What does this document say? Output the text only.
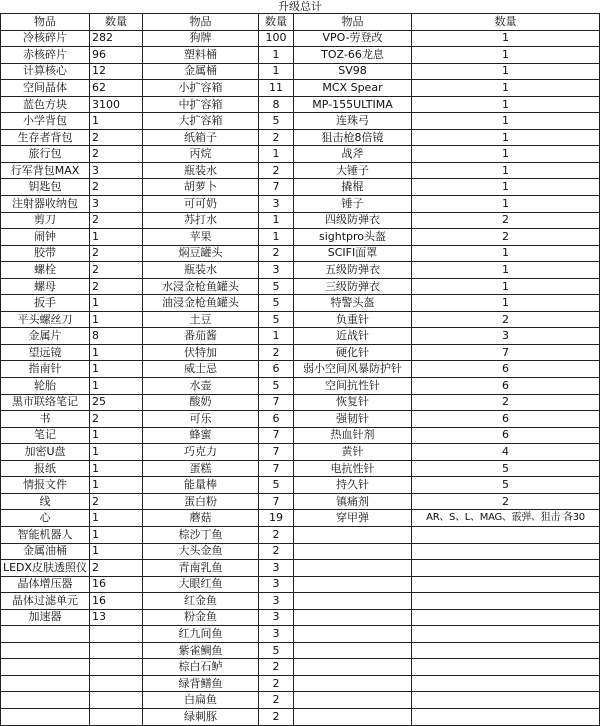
升级总计
物品	数量	物品	数量	物品	数量
冷核碎片	282	狗牌	100	VPO-劳登改	1
赤核碎片	96	塑料桶	1	TOZ-66龙息	1
计算核心	12	金属桶	1	SV98	1
空间晶体	62	小扩容箱	11	MCX Spear	1
蓝色方块	3100	中扩容箱	8	MP-155ULTIMA	1
小学背包	1	大扩容箱	5	连珠弓	1
生存者背包	2	纸箱子	2	狙击枪8倍镜	1
旅行包	2	丙烷	1	战斧	1
行军背包MAX	3	瓶装水	2	大锤子	1
钥匙包	2	胡萝卜	7	撬棍	1
注射器收纳包	3	可可奶	3	锤子	1
剪刀	2	苏打水	1	四级防弹衣	2
闹钟	1	苹果	1	sightpro头盔	2
胶带	2	焖豆罐头	2	SCIFI面罩	1
螺栓	2	瓶装水	3	五级防弹衣	1
螺母	2	水浸金枪鱼罐头	5	三级防弹衣	1
扳手	1	油浸金枪鱼罐头	5	特警头盔	1
平头螺丝刀	1	土豆	5	负重针	2
金属片	8	番茄酱	1	近战针	3
望远镜	1	伏特加	2	硬化针	7
指南针	1	威士忌	6	弱小空间风暴防护针	6
轮胎	1	水壶	5	空间抗性针	6
黑市联络笔记	25	酸奶	7	恢复针	2
书	2	可乐	6	强韧针	6
笔记	1	蜂蜜	7	热血针剂	6
加密U盘	1	巧克力	7	黄针	4
报纸	1	蛋糕	7	电抗性针	5
情报文件	1	能量棒	5	持久针	5
线	2	蛋白粉	7	镇痛剂	2
心	1	蘑菇	19	穿甲弹	AR、S、L、MAG、霰弹、狙击 各30
智能机器人	1	棕沙丁鱼	2		
金属油桶	1	大头金鱼	2		
LEDX皮肤透照仪	2	青南乳鱼	3		
晶体增压器	16	大眼红鱼	3		
晶体过滤单元	16	红金鱼	3		
加速器	13	粉金鱼	3		
		红九间鱼	3		
		紫雀鲷鱼	5		
		棕白石鲈	2		
		绿背鳝鱼	2		
		白扁鱼	2		
		绿刺豚	2		
